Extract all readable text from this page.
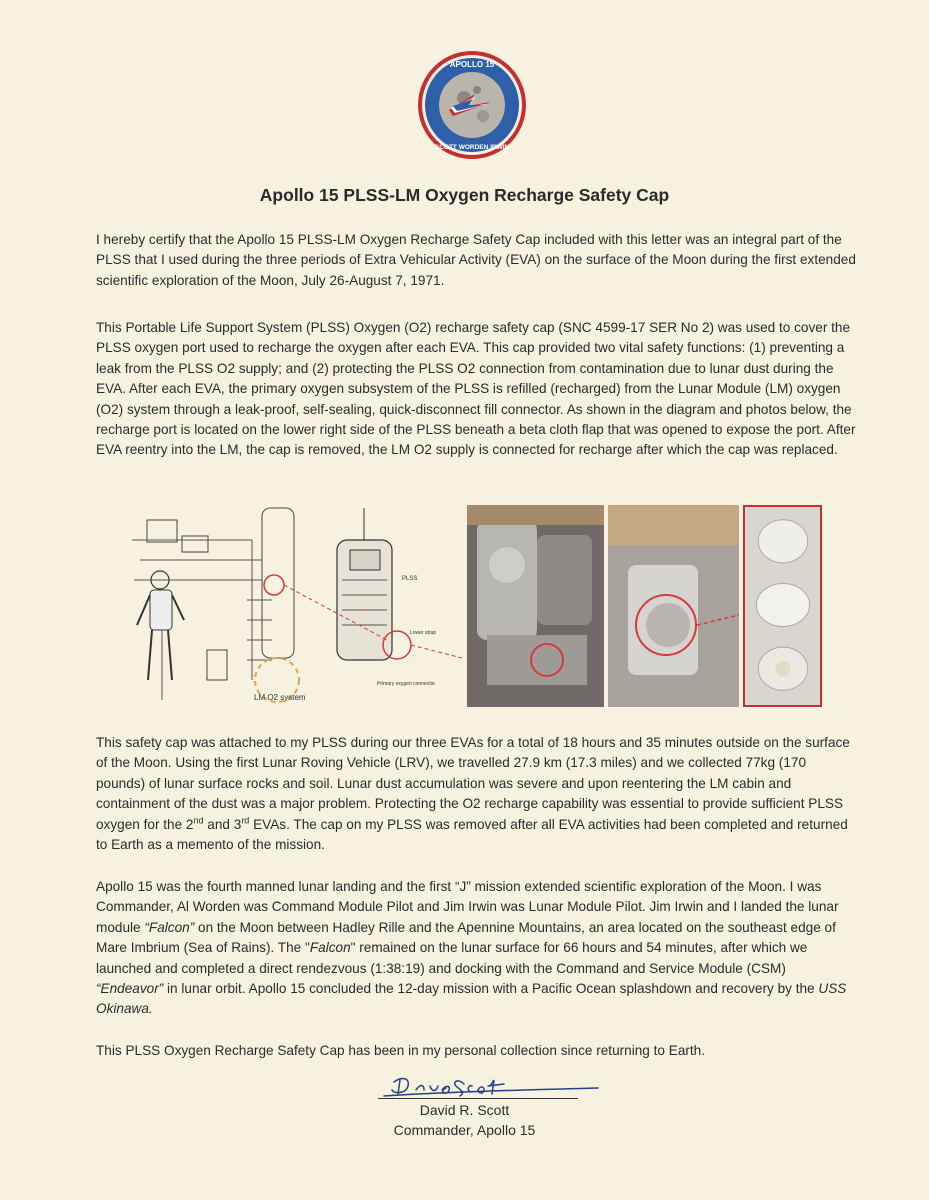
APOLLO 15
SCOTT WORDEN IRWIN
Apollo 15 PLSS-LM Oxygen Recharge Safety Cap

I hereby certify that the Apollo 15 PLSS-LM Oxygen Recharge Safety Cap included with this letter was an integral part of the PLSS that I used during the three periods of Extra Vehicular Activity (EVA) on the surface of the Moon during the first extended scientific exploration of the Moon, July 26-August 7, 1971.

This Portable Life Support System (PLSS) Oxygen (O2) recharge safety cap (SNC 4599-17 SER No 2) was used to cover the PLSS oxygen port used to recharge the oxygen after each EVA. This cap provided two vital safety functions: (1) preventing a leak from the PLSS O2 supply; and (2) protecting the PLSS O2 connection from contamination due to lunar dust during the EVA. After each EVA, the primary oxygen subsystem of the PLSS is refilled (recharged) from the Lunar Module (LM) oxygen (O2) system through a leak-proof, self-sealing, quick-disconnect fill connector. As shown in the diagram and photos below, the recharge port is located on the lower right side of the PLSS beneath a beta cloth flap that was opened to expose the port. After EVA reentry into the LM, the cap is removed, the LM O2 supply is connected for recharge after which the cap was replaced.

LM O2 system
PLSS
Lower strap
Primary oxygen connector

This safety cap was attached to my PLSS during our three EVAs for a total of 18 hours and 35 minutes outside on the surface of the Moon. Using the first Lunar Roving Vehicle (LRV), we travelled 27.9 km (17.3 miles) and we collected 77kg (170 pounds) of lunar surface rocks and soil. Lunar dust accumulation was severe and upon reentering the LM cabin and containment of the dust was a major problem. Protecting the O2 recharge capability was essential to provide sufficient PLSS oxygen for the 2nd and 3rd EVAs. The cap on my PLSS was removed after all EVA activities had been completed and returned to Earth as a memento of the mission.

Apollo 15 was the fourth manned lunar landing and the first “J” mission extended scientific exploration of the Moon. I was Commander, Al Worden was Command Module Pilot and Jim Irwin was Lunar Module Pilot. Jim Irwin and I landed the lunar module “Falcon” on the Moon between Hadley Rille and the Apennine Mountains, an area located on the southeast edge of Mare Imbrium (Sea of Rains). The "Falcon" remained on the lunar surface for 66 hours and 54 minutes, after which we launched and completed a direct rendezvous (1:38:19) and docking with the Command and Service Module (CSM) “Endeavor” in lunar orbit. Apollo 15 concluded the 12-day mission with a Pacific Ocean splashdown and recovery by the USS Okinawa.

This PLSS Oxygen Recharge Safety Cap has been in my personal collection since returning to Earth.

David R. Scott
Commander, Apollo 15
